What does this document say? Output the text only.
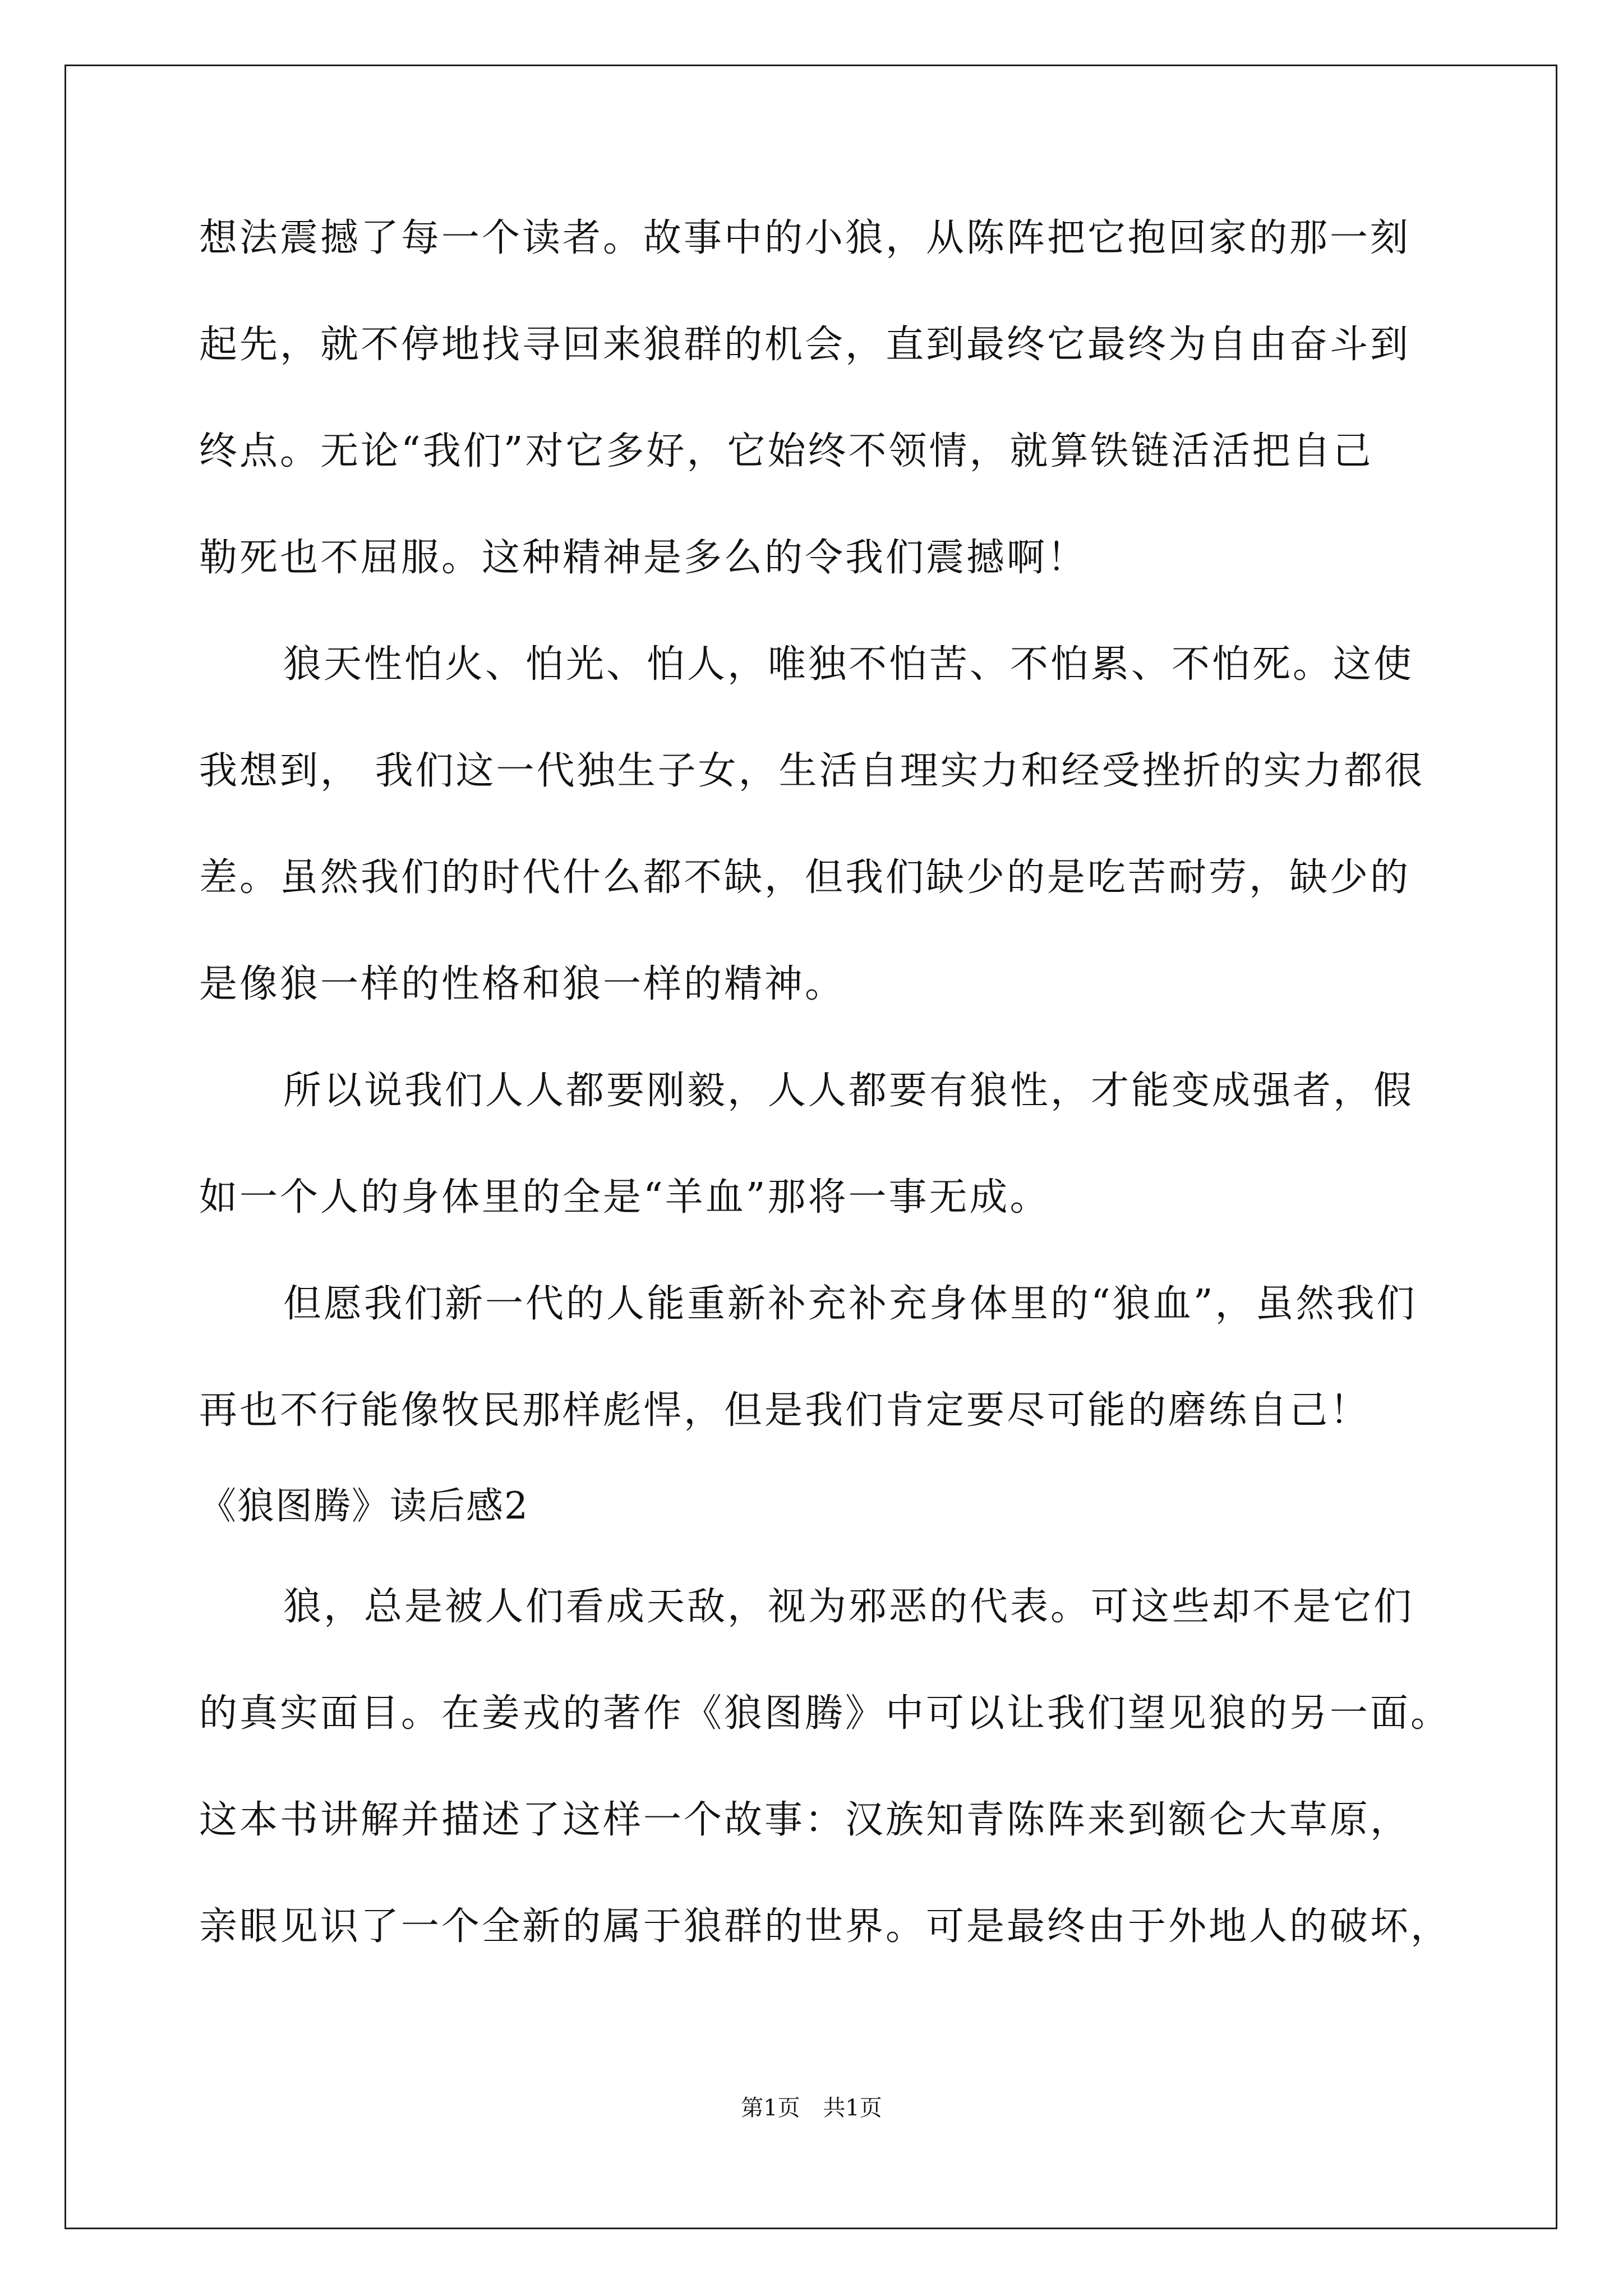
想法震撼了每一个读者。故事中的小狼，从陈阵把它抱回家的那一刻
起先，就不停地找寻回来狼群的机会，直到最终它最终为自由奋斗到
终点。无论“我们”对它多好，它始终不领情，就算铁链活活把自己
勒死也不屈服。这种精神是多么的令我们震撼啊！
狼天性怕火、怕光、怕人，唯独不怕苦、不怕累、不怕死。这使
我想到， 我们这一代独生子女，生活自理实力和经受挫折的实力都很
差。虽然我们的时代什么都不缺，但我们缺少的是吃苦耐劳，缺少的
是像狼一样的性格和狼一样的精神。
所以说我们人人都要刚毅，人人都要有狼性，才能变成强者，假
如一个人的身体里的全是“羊血”那将一事无成。
但愿我们新一代的人能重新补充补充身体里的“狼血”，虽然我们
再也不行能像牧民那样彪悍，但是我们肯定要尽可能的磨练自己！
《狼图腾》读后感2
狼，总是被人们看成天敌，视为邪恶的代表。可这些却不是它们
的真实面目。在姜戎的著作《狼图腾》中可以让我们望见狼的另一面。
这本书讲解并描述了这样一个故事：汉族知青陈阵来到额仑大草原，
亲眼见识了一个全新的属于狼群的世界。可是最终由于外地人的破坏，
第1页 共1页
